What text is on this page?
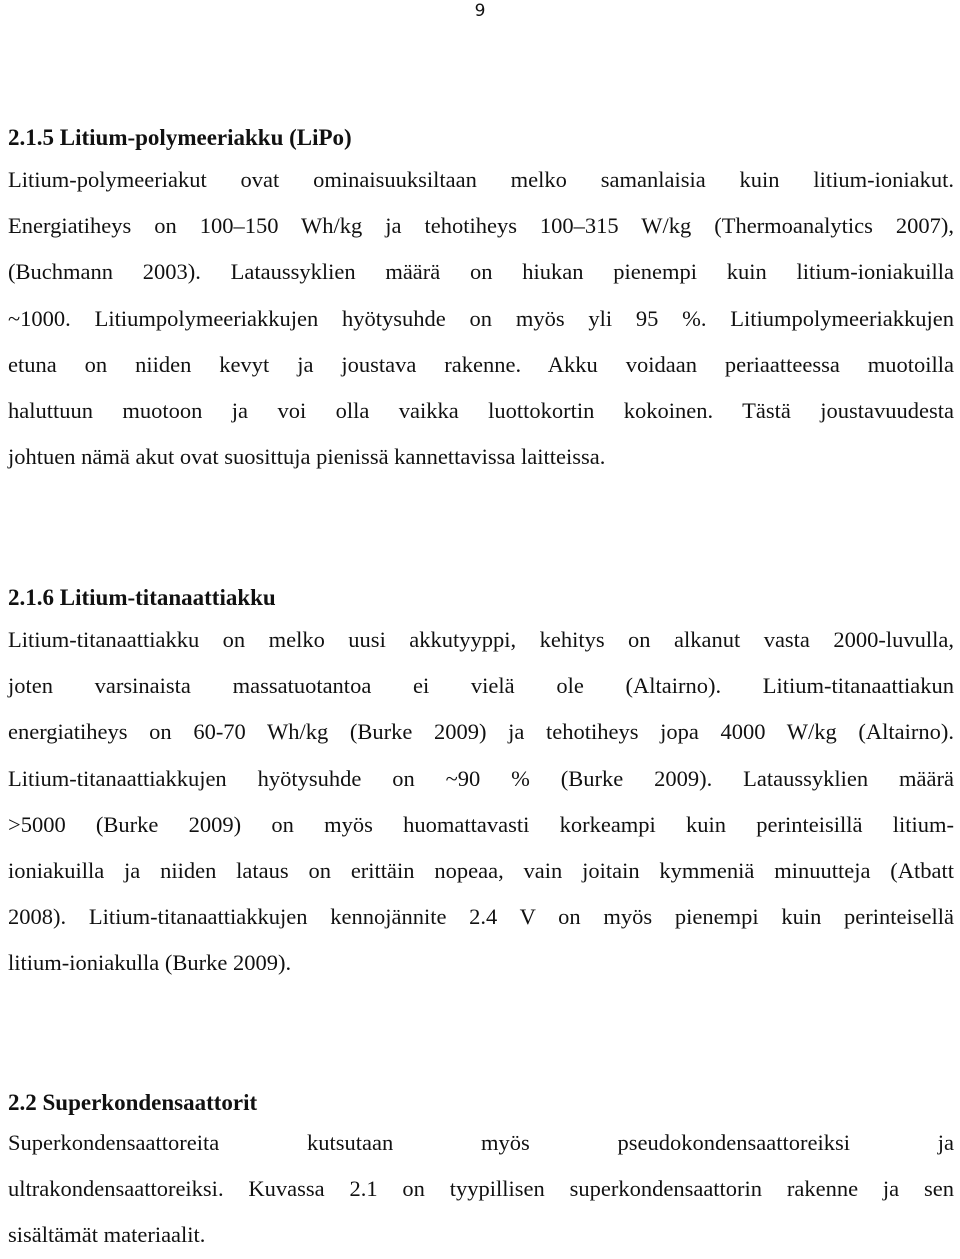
9
2.1.5 Litium-polymeeriakku (LiPo)

Litium-polymeeriakut ovat ominaisuuksiltaan melko samanlaisia kuin litium-ioniakut.
Energiatiheys on 100–150 Wh/kg ja tehotiheys 100–315 W/kg (Thermoanalytics 2007),
(Buchmann 2003). Lataussyklien määrä on hiukan pienempi kuin litium-ioniakuilla
~1000. Litiumpolymeeriakkujen hyötysuhde on myös yli 95 %. Litiumpolymeeriakkujen
etuna on niiden kevyt ja joustava rakenne. Akku voidaan periaatteessa muotoilla
haluttuun muotoon ja voi olla vaikka luottokortin kokoinen. Tästä joustavuudesta
johtuen nämä akut ovat suosittuja pienissä kannettavissa laitteissa.

2.1.6 Litium-titanaattiakku

Litium-titanaattiakku on melko uusi akkutyyppi, kehitys on alkanut vasta 2000-luvulla,
joten varsinaista massatuotantoa ei vielä ole (Altairno). Litium-titanaattiakun
energiatiheys on 60-70 Wh/kg (Burke 2009) ja tehotiheys jopa 4000 W/kg (Altairno).
Litium-titanaattiakkujen hyötysuhde on ~90 % (Burke 2009). Lataussyklien määrä
>5000 (Burke 2009) on myös huomattavasti korkeampi kuin perinteisillä litium-
ioniakuilla ja niiden lataus on erittäin nopeaa, vain joitain kymmeniä minuutteja (Atbatt
2008). Litium-titanaattiakkujen kennojännite 2.4 V on myös pienempi kuin perinteisellä
litium-ioniakulla (Burke 2009).

2.2 Superkondensaattorit

Superkondensaattoreita kutsutaan myös pseudokondensaattoreiksi ja
ultrakondensaattoreiksi. Kuvassa 2.1 on tyypillisen superkondensaattorin rakenne ja sen
sisältämät materiaalit.
